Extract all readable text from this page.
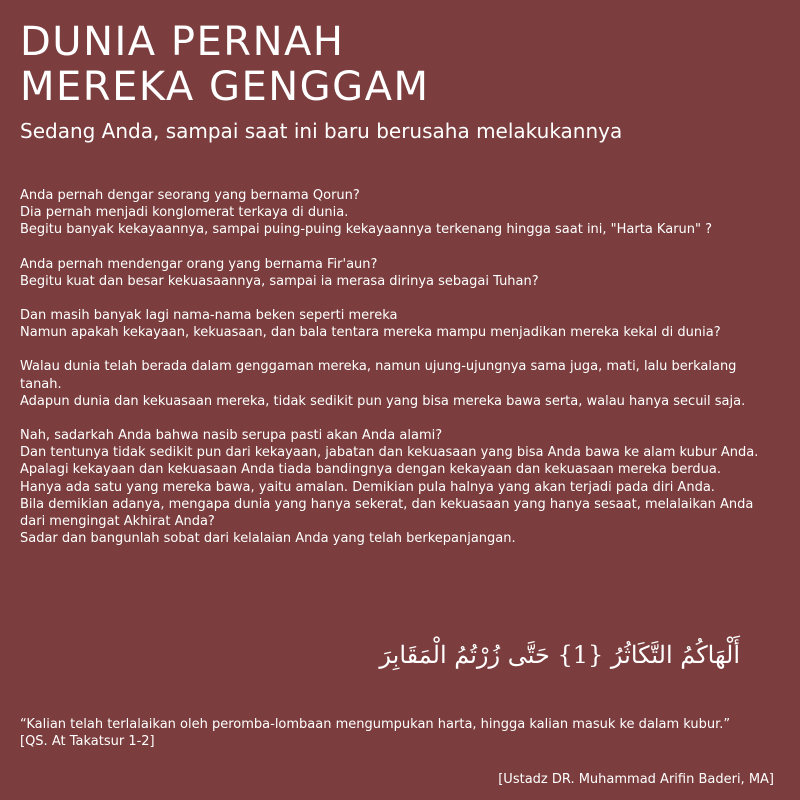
DUNIA PERNAH
MEREKA GENGGAM

Sedang Anda, sampai saat ini baru berusaha melakukannya

Anda pernah dengar seorang yang bernama Qorun?
Dia pernah menjadi konglomerat terkaya di dunia.
Begitu banyak kekayaannya, sampai puing-puing kekayaannya terkenang hingga saat ini, "Harta Karun" ?

Anda pernah mendengar orang yang bernama Fir'aun?
Begitu kuat dan besar kekuasaannya, sampai ia merasa dirinya sebagai Tuhan?

Dan masih banyak lagi nama-nama beken seperti mereka
Namun apakah kekayaan, kekuasaan, dan bala tentara mereka mampu menjadikan mereka kekal di dunia?

Walau dunia telah berada dalam genggaman mereka, namun ujung-ujungnya sama juga, mati, lalu berkalang tanah.
Adapun dunia dan kekuasaan mereka, tidak sedikit pun yang bisa mereka bawa serta, walau hanya secuil saja.

Nah, sadarkah Anda bahwa nasib serupa pasti akan Anda alami?
Dan tentunya tidak sedikit pun dari kekayaan, jabatan dan kekuasaan yang bisa Anda bawa ke alam kubur Anda.
Apalagi kekayaan dan kekuasaan Anda tiada bandingnya dengan kekayaan dan kekuasaan mereka berdua.
Hanya ada satu yang mereka bawa, yaitu amalan. Demikian pula halnya yang akan terjadi pada diri Anda.
Bila demikian adanya, mengapa dunia yang hanya sekerat, dan kekuasaan yang hanya sesaat, melalaikan Anda dari mengingat Akhirat Anda?
Sadar dan bangunlah sobat dari kelalaian Anda yang telah berkepanjangan.

أَلْهَاكُمُ التَّكَاثُرُ {1} حَتَّى زُرْتُمُ الْمَقَابِرَ

“Kalian telah terlalaikan oleh peromba-lombaan mengumpukan harta, hingga kalian masuk ke dalam kubur.” [QS. At Takatsur 1-2]

[Ustadz DR. Muhammad Arifin Baderi, MA]
